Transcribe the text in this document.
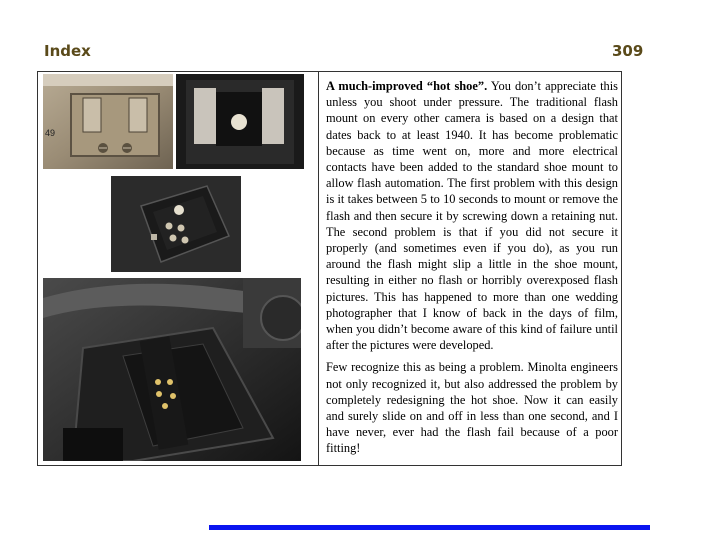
Index	309
49

A much-improved “hot shoe”. You don’t appreciate this unless you shoot under pressure. The traditional flash mount on every other camera is based on a design that dates back to at least 1940. It has become problematic because as time went on, more and more electrical contacts have been added to the standard shoe mount to allow flash automation. The first problem with this design is it takes between 5 to 10 seconds to mount or remove the flash and then secure it by screwing down a retaining nut. The second problem is that if you did not secure it properly (and sometimes even if you do), as you run around the flash might slip a little in the shoe mount, resulting in either no flash or horribly overexposed flash pictures. This has happened to more than one wedding photographer that I know of back in the days of film, when you didn’t become aware of this kind of failure until after the pictures were developed.

Few recognize this as being a problem. Minolta engineers not only recognized it, but also addressed the problem by completely redesigning the hot shoe. Now it can easily and surely slide on and off in less than one second, and I have never, ever had the flash fail because of a poor fitting!
